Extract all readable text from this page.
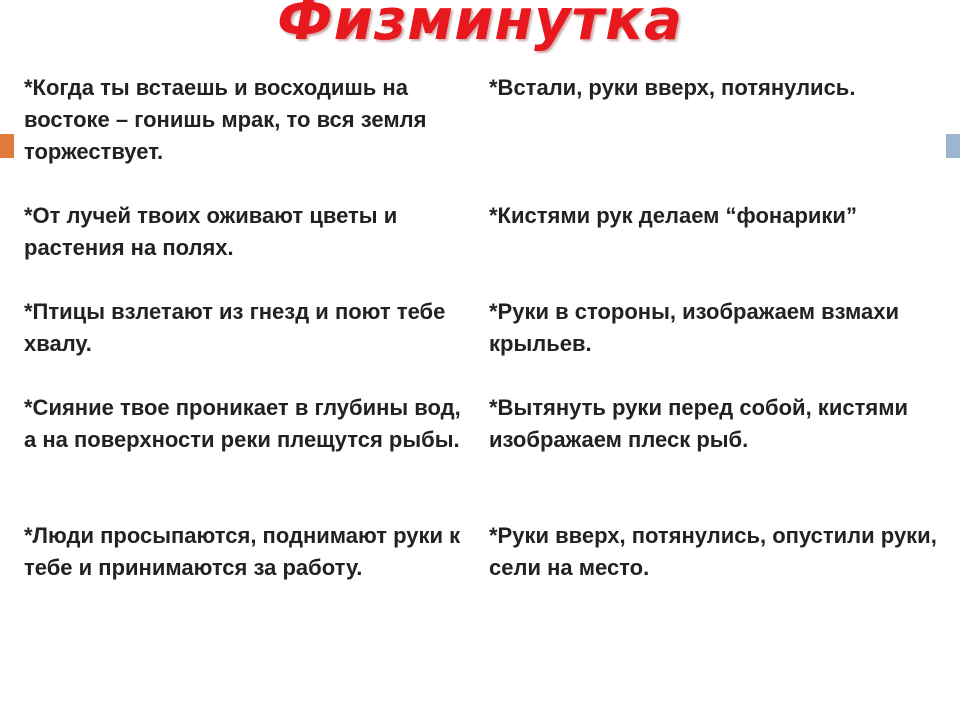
Физминутка
*Когда ты встаешь и восходишь на востоке – гонишь мрак, то вся земля торжествует.
*От лучей твоих оживают цветы и растения на полях.
*Птицы взлетают из гнезд и поют тебе хвалу.
*Сияние твое проникает в глубины вод, а на поверхности реки плещутся рыбы.
*Люди просыпаются, поднимают руки к тебе и принимаются за работу.
*Встали, руки вверх, потянулись.
*Кистями рук делаем “фонарики”
*Руки в стороны, изображаем взмахи крыльев.
*Вытянуть руки перед собой, кистями изображаем плеск рыб.
*Руки вверх, потянулись, опустили руки, сели на место.
